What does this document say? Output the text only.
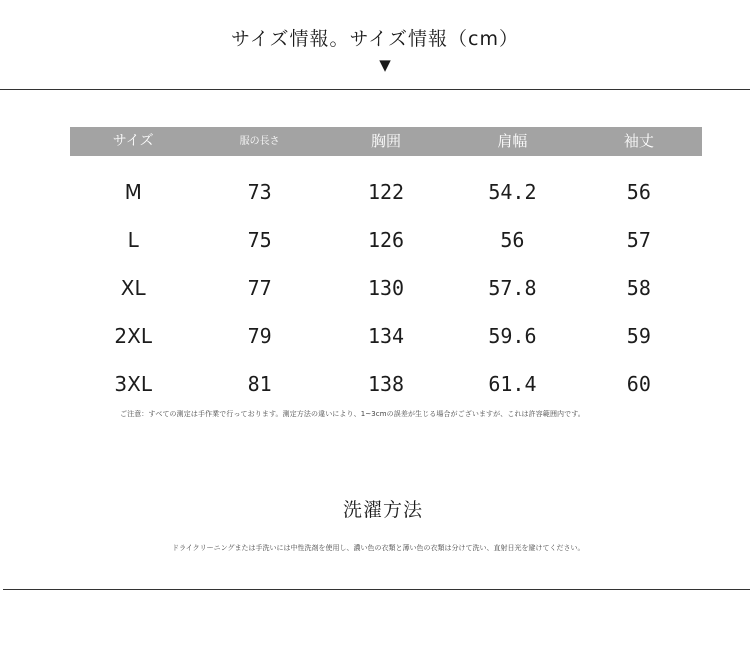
サイズ情報。サイズ情報（cm）
▼
サイズ	服の長さ	胸囲	肩幅	袖丈
M	73	122	54.2	56
L	75	126	56	57
XL	77	130	57.8	58
2XL	79	134	59.6	59
3XL	81	138	61.4	60
ご注意：すべての測定は手作業で行っております。測定方法の違いにより、1~3cmの誤差が生じる場合がございますが、これは許容範囲内です。
洗濯方法
ドライクリーニングまたは手洗いには中性洗剤を使用し、濃い色の衣類と薄い色の衣類は分けて洗い、直射日光を避けてください。
